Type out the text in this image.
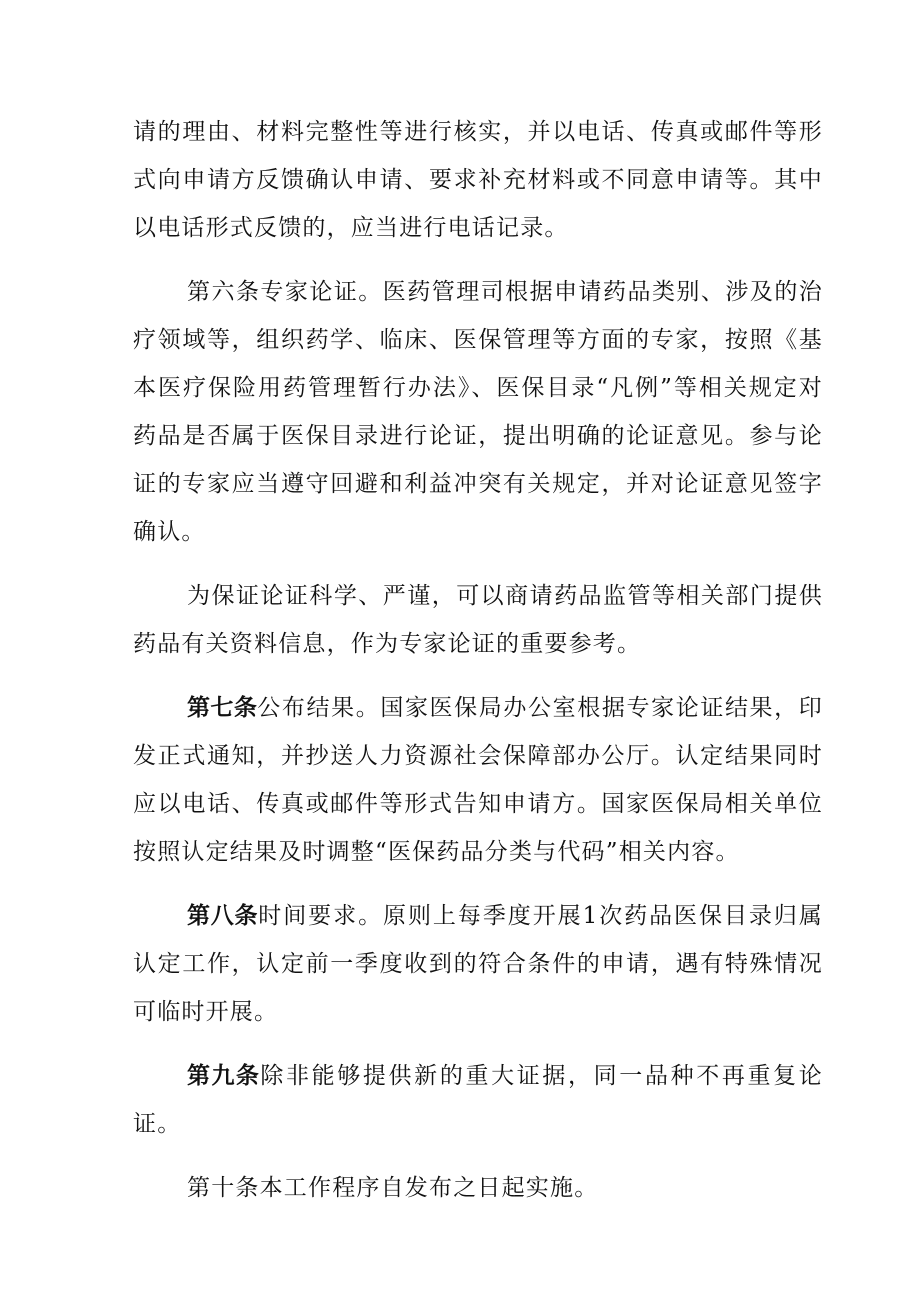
请的理由、材料完整性等进行核实，并以电话、传真或邮件等形式向申请方反馈确认申请、要求补充材料或不同意申请等。其中以电话形式反馈的，应当进行电话记录。

第六条专家论证。医药管理司根据申请药品类别、涉及的治疗领域等，组织药学、临床、医保管理等方面的专家，按照《基本医疗保险用药管理暂行办法》、医保目录“凡例”等相关规定对药品是否属于医保目录进行论证，提出明确的论证意见。参与论证的专家应当遵守回避和利益冲突有关规定，并对论证意见签字确认。

为保证论证科学、严谨，可以商请药品监管等相关部门提供药品有关资料信息，作为专家论证的重要参考。

第七条公布结果。国家医保局办公室根据专家论证结果，印发正式通知，并抄送人力资源社会保障部办公厅。认定结果同时应以电话、传真或邮件等形式告知申请方。国家医保局相关单位按照认定结果及时调整“医保药品分类与代码”相关内容。

第八条时间要求。原则上每季度开展1次药品医保目录归属认定工作，认定前一季度收到的符合条件的申请，遇有特殊情况可临时开展。

第九条除非能够提供新的重大证据，同一品种不再重复论证。

第十条本工作程序自发布之日起实施。
